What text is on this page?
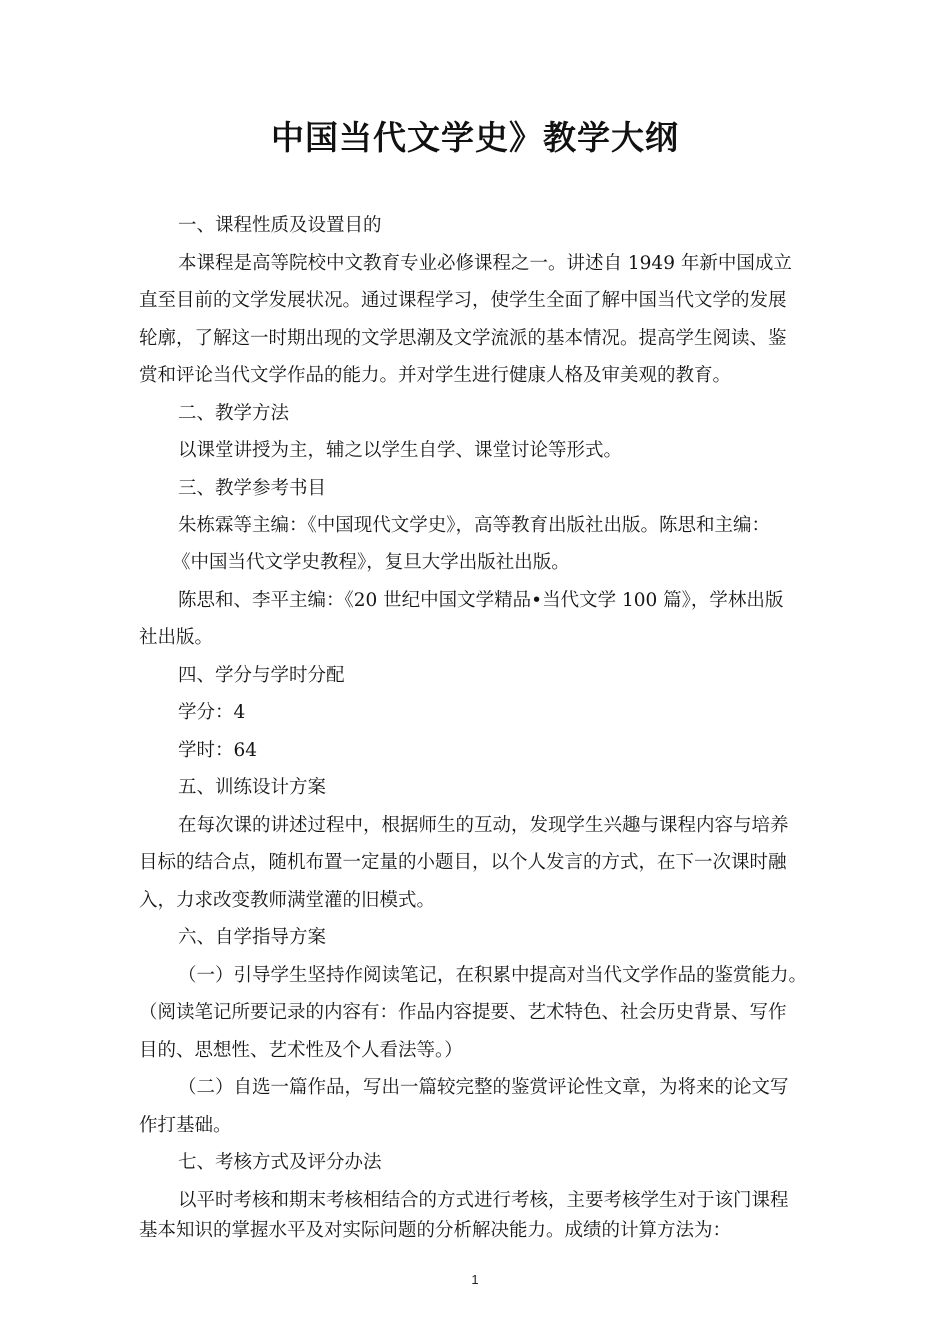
中国当代文学史》教学大纲
一、课程性质及设置目的
本课程是高等院校中文教育专业必修课程之一。讲述自 1949 年新中国成立
直至目前的文学发展状况。通过课程学习，使学生全面了解中国当代文学的发展
轮廓，了解这一时期出现的文学思潮及文学流派的基本情况。提高学生阅读、鉴
赏和评论当代文学作品的能力。并对学生进行健康人格及审美观的教育。
二、教学方法
以课堂讲授为主，辅之以学生自学、课堂讨论等形式。
三、教学参考书目
朱栋霖等主编：《中国现代文学史》，高等教育出版社出版。陈思和主编：
《中国当代文学史教程》，复旦大学出版社出版。
陈思和、李平主编：《20 世纪中国文学精品•当代文学 100 篇》，学林出版
社出版。
四、学分与学时分配
学分：4
学时：64
五、训练设计方案
在每次课的讲述过程中，根据师生的互动，发现学生兴趣与课程内容与培养
目标的结合点，随机布置一定量的小题目，以个人发言的方式，在下一次课时融
入，力求改变教师满堂灌的旧模式。
六、自学指导方案
（一）引导学生坚持作阅读笔记，在积累中提高对当代文学作品的鉴赏能力。
（阅读笔记所要记录的内容有：作品内容提要、艺术特色、社会历史背景、写作
目的、思想性、艺术性及个人看法等。）
（二）自选一篇作品，写出一篇较完整的鉴赏评论性文章，为将来的论文写
作打基础。
七、考核方式及评分办法
以平时考核和期末考核相结合的方式进行考核，主要考核学生对于该门课程
基本知识的掌握水平及对实际问题的分析解决能力。成绩的计算方法为：
1
